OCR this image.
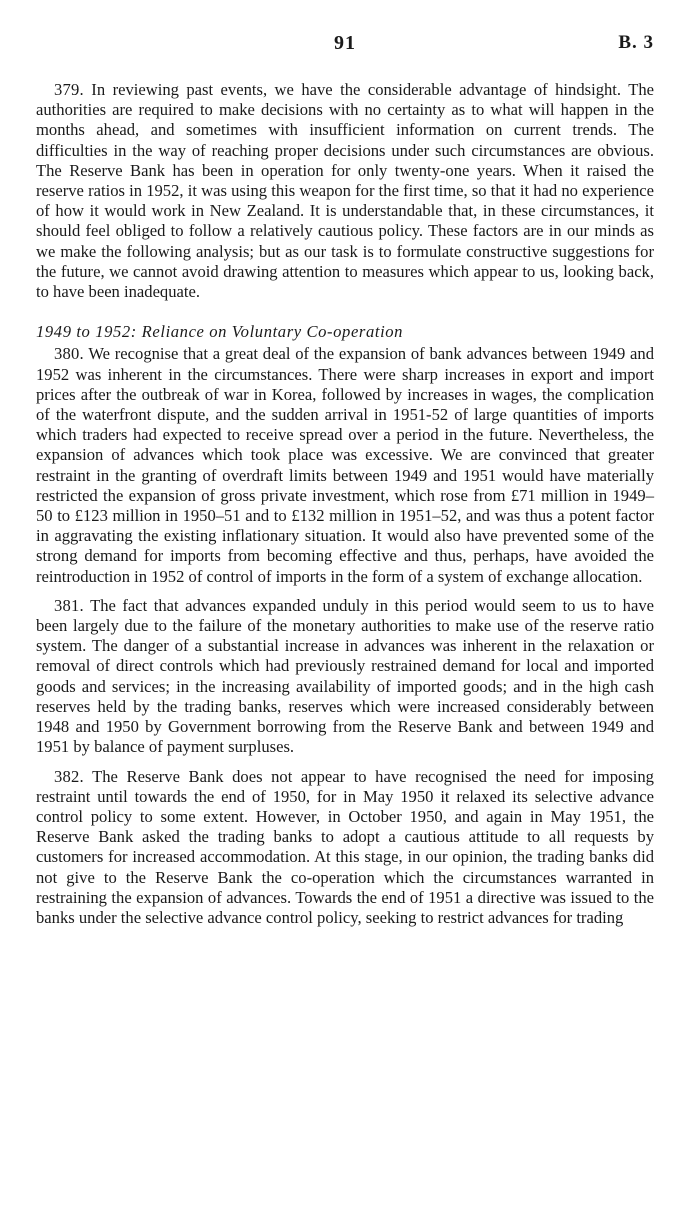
91	B. 3

379. In reviewing past events, we have the considerable advantage of hindsight. The authorities are required to make decisions with no certainty as to what will happen in the months ahead, and sometimes with insufficient information on current trends. The difficulties in the way of reaching proper decisions under such circumstances are obvious. The Reserve Bank has been in operation for only twenty-one years. When it raised the reserve ratios in 1952, it was using this weapon for the first time, so that it had no experience of how it would work in New Zealand. It is understandable that, in these circumstances, it should feel obliged to follow a relatively cautious policy. These factors are in our minds as we make the following analysis; but as our task is to formulate constructive suggestions for the future, we cannot avoid drawing attention to measures which appear to us, looking back, to have been inadequate.

1949 to 1952: Reliance on Voluntary Co-operation

380. We recognise that a great deal of the expansion of bank advances between 1949 and 1952 was inherent in the circumstances. There were sharp increases in export and import prices after the outbreak of war in Korea, followed by increases in wages, the complication of the waterfront dispute, and the sudden arrival in 1951-52 of large quantities of imports which traders had expected to receive spread over a period in the future. Nevertheless, the expansion of advances which took place was excessive. We are convinced that greater restraint in the granting of overdraft limits between 1949 and 1951 would have materially restricted the expansion of gross private investment, which rose from £71 million in 1949–50 to £123 million in 1950–51 and to £132 million in 1951–52, and was thus a potent factor in aggravating the existing inflationary situation. It would also have prevented some of the strong demand for imports from becoming effective and thus, perhaps, have avoided the reintroduction in 1952 of control of imports in the form of a system of exchange allocation.

381. The fact that advances expanded unduly in this period would seem to us to have been largely due to the failure of the monetary authorities to make use of the reserve ratio system. The danger of a substantial increase in advances was inherent in the relaxation or removal of direct controls which had previously restrained demand for local and imported goods and services; in the increasing availability of imported goods; and in the high cash reserves held by the trading banks, reserves which were increased considerably between 1948 and 1950 by Government borrowing from the Reserve Bank and between 1949 and 1951 by balance of payment surpluses.

382. The Reserve Bank does not appear to have recognised the need for imposing restraint until towards the end of 1950, for in May 1950 it relaxed its selective advance control policy to some extent. However, in October 1950, and again in May 1951, the Reserve Bank asked the trading banks to adopt a cautious attitude to all requests by customers for increased accommodation. At this stage, in our opinion, the trading banks did not give to the Reserve Bank the co-operation which the circumstances warranted in restraining the expansion of advances. Towards the end of 1951 a directive was issued to the banks under the selective advance control policy, seeking to restrict advances for trading
